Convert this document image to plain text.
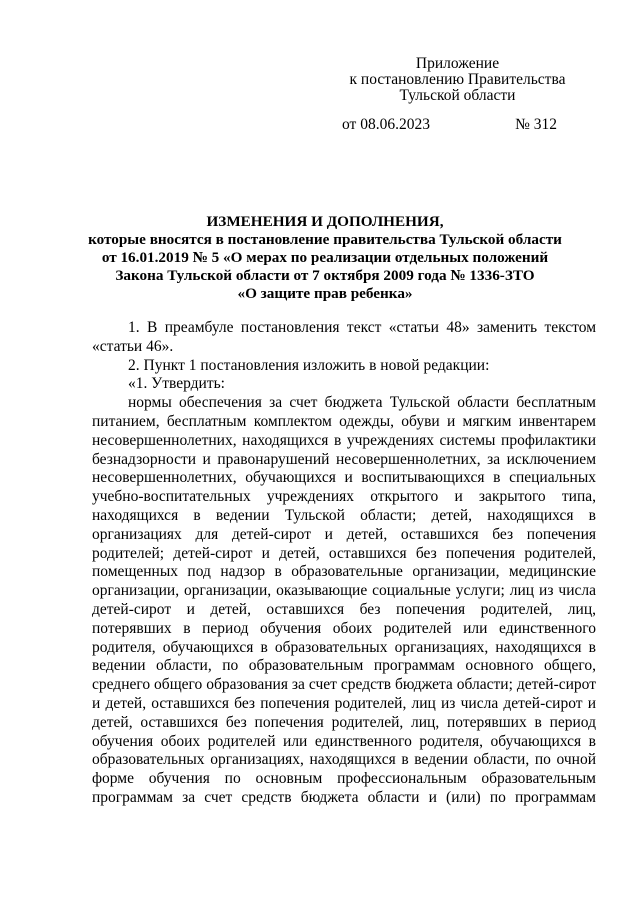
Приложение
к постановлению Правительства
Тульской области
от 08.06.2023	№ 312
ИЗМЕНЕНИЯ И ДОПОЛНЕНИЯ,
которые вносятся в постановление правительства Тульской области
от 16.01.2019 № 5 «О мерах по реализации отдельных положений
Закона Тульской области от 7 октября 2009 года № 1336-ЗТО
«О защите прав ребенка»

1. В преамбуле постановления текст «статьи 48» заменить текстом «статьи 46».

2. Пункт 1 постановления изложить в новой редакции:

«1. Утвердить:

нормы обеспечения за счет бюджета Тульской области бесплатным питанием, бесплатным комплектом одежды, обуви и мягким инвентарем несовершеннолетних, находящихся в учреждениях системы профилактики безнадзорности и правонарушений несовершеннолетних, за исключением несовершеннолетних, обучающихся и воспитывающихся в специальных учебно-воспитательных учреждениях открытого и закрытого типа, находящихся в ведении Тульской области; детей, находящихся в организациях для детей-сирот и детей, оставшихся без попечения родителей; детей-сирот и детей, оставшихся без попечения родителей, помещенных под надзор в образовательные организации, медицинские организации, организации, оказывающие социальные услуги; лиц из числа детей-сирот и детей, оставшихся без попечения родителей, лиц, потерявших в период обучения обоих родителей или единственного родителя, обучающихся в образовательных организациях, находящихся в ведении области, по образовательным программам основного общего, среднего общего образования за счет средств бюджета области; детей-сирот и детей, оставшихся без попечения родителей, лиц из числа детей-сирот и детей, оставшихся без попечения родителей, лиц, потерявших в период обучения обоих родителей или единственного родителя, обучающихся в образовательных организациях, находящихся в ведении области, по очной форме обучения по основным профессиональным образовательным программам за счет средств бюджета области и (или) по программам
